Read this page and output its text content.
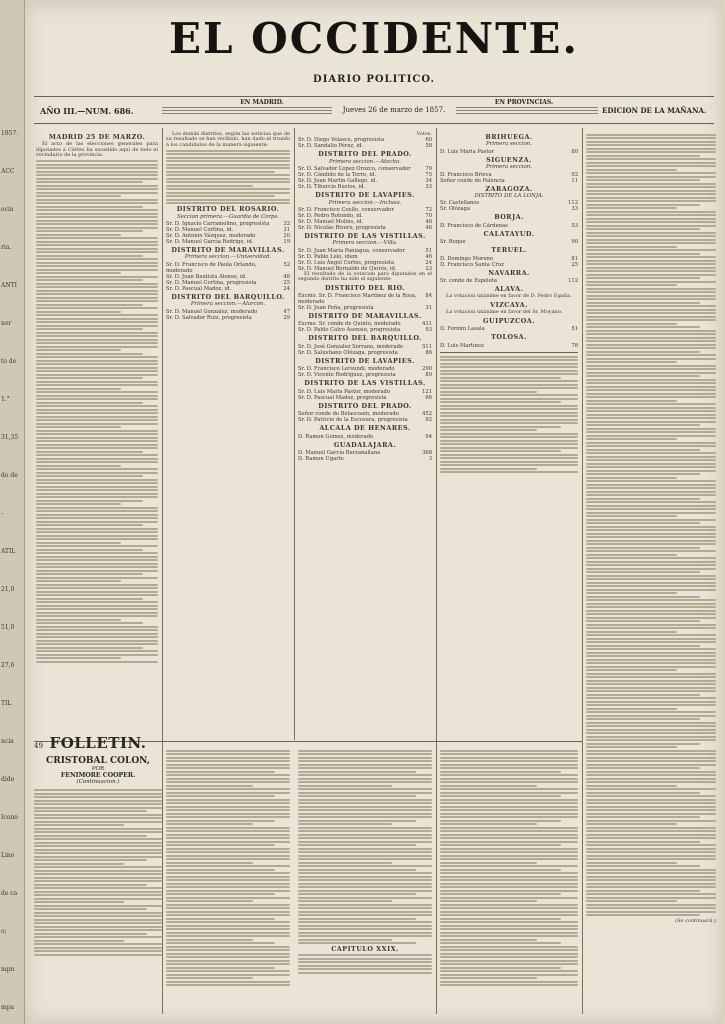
1857.
ACC
ocia
ria.
ANTI
nor
to de
1.°
31,35
do de
-
ATIL
21,0
51,0
27,6
TIL
ncia
dido
Icono
Lino
de ca
o;
mpn
mpa
EL OCCIDENTE.
DIARIO POLITICO.
AÑO III.—NUM. 686.
EN MADRID.
Jueves 26 de marzo de 1857.
EN PROVINCIAS.
EDICION DE LA MAÑANA.
MADRID 25 DE MARZO.

El acto de las elecciones generales para diputados á Córtes ha sucedido aquí de todo el vecindario de la provincia.

Los demás distritos, según las noticias que de su resultado se han recibido, han dado el triunfo á los candidatos de la manera siguiente:

DISTRITO DEL ROSARIO.
Seccion primera.—Guardia de Corps.
Sr. D. Ignacio Carramolino, progresista	32
Sr. D. Manuel Cortina, id.	31
Sr. D. Antonio Vázquez, moderado	20
Sr. D. Manuel García Rodrigo, id.	19
DISTRITO DE MARAVILLAS.
Primera seccion.—Universidad.
Sr. D. Francisco de Paula Orlando, moderado
52
Sr. D. Juan Bautista Alonso, id.	48
Sr. D. Manuel Cortina, progresista	25
Sr. D. Pascual Madoz, id.	24
DISTRITO DEL BARQUILLO.
Primera seccion.—Alarcon.
Sr. D. Manuel Gonzalez, moderado	47
Sr. D. Salvador Ruiz, progresista	29
Votos.
Sr. D. Diego Velasco, progresista	60
Sr. D. Sandalio Pérez, id.	58
DISTRITO DEL PRADO.
Primera seccion.—Atocha.
Sr. D. Salvador Lopez Orozco, conservador	79
Sr. D. Cándido de la Torre, id.	75
Sr. D. Juan Martin Gallego, id.	34
Sr. D. Tiburcio Bustos, id.	33
DISTRITO DE LAVAPIES.
Primera seccion.—Inclusa.
Sr. D. Francisco Coello, conservador	72
Sr. D. Pedro Rotondo, id.	70
Sr. D. Manuel Molins, id.	48
Sr. D. Nicolás Rivero, progresista	46
DISTRITO DE LAS VISTILLAS.
Primera seccion.—Villa.
Sr. D. Juan Maria Paniagua, conservador	51
Sr. D. Pablo Lelo, idem	46
Sr. D. Luis Ángel Cortes, progresista	24
Sr. D. Manuel Bernaldo de Quirós, id.	23

El resultado de la votacion para diputados en el segundo distrito ha sido el siguiente:

DISTRITO DEL RIO.
Excmo. Sr. D. Francisco Martinez de la Rosa, moderado
84
Sr. D. Juan Peña, progresista	31
DISTRITO DE MARAVILLAS.
Excmo. Sr. conde de Quinto, moderado	431
Sr. D. Pablo Calvo Asensio, progresista	93
DISTRITO DEL BARQUILLO.
Sr. D. José Gonzalez Serrano, moderado	511
Sr. D. Salustiano Olózaga, progresista	86
DISTRITO DE LAVAPIES.
Sr. D. Francisco Lersundi, moderado	290
Sr. D. Vicente Rodriguez, progresista	89
DISTRITO DE LAS VISTILLAS.
Sr. D. Luis Maria Pastor, moderado	121
Sr. D. Pascual Madoz, progresista	66
DISTRITO DEL PRADO.
Señor conde de Belascoain, moderado	452
Sr. D. Patricio de la Escosura, progresista	92
ALCALA DE HENARES.
D. Ramon Gomez, moderado	94
GUADALAJARA.
D. Manuel García Barzanallana	368
D. Ramon Ugarte	3
BRIHUEGA.
Primera seccion.
D. Luis Maria Pastor	80
SIGUENZA.
Primera seccion.
D. Francisco Brieva	92
Señor conde de Palencia	11
ZARAGOZA.
DISTRITO DE LA LONJA.
Sr. Castellanos	112
Sr. Olózaga	33
BORJA.
D. Francisco de Cárdenas	53
CALATAYUD.
Sr. Roque	90
TERUEL.
D. Domingo Moreno	81
D. Francisco Santa Cruz	25
NAVARRA.
Sr. conde de Espeleta	112
ALAVA.

La votacion unánime en favor de D. Pedro Egaña.

VIZCAYA.

La votacion unánime en favor del Sr. Moyano.

GUIPUZCOA.
D. Fermin Lasala	51
TOLOSA.
D. Luis Martinez	78
(Se continuará.)
49 FOLLETIN.
CRISTOBAL COLON,
POR
FENIMORE COOPER.
(Continuacion.)
CAPITULO XXIX.
